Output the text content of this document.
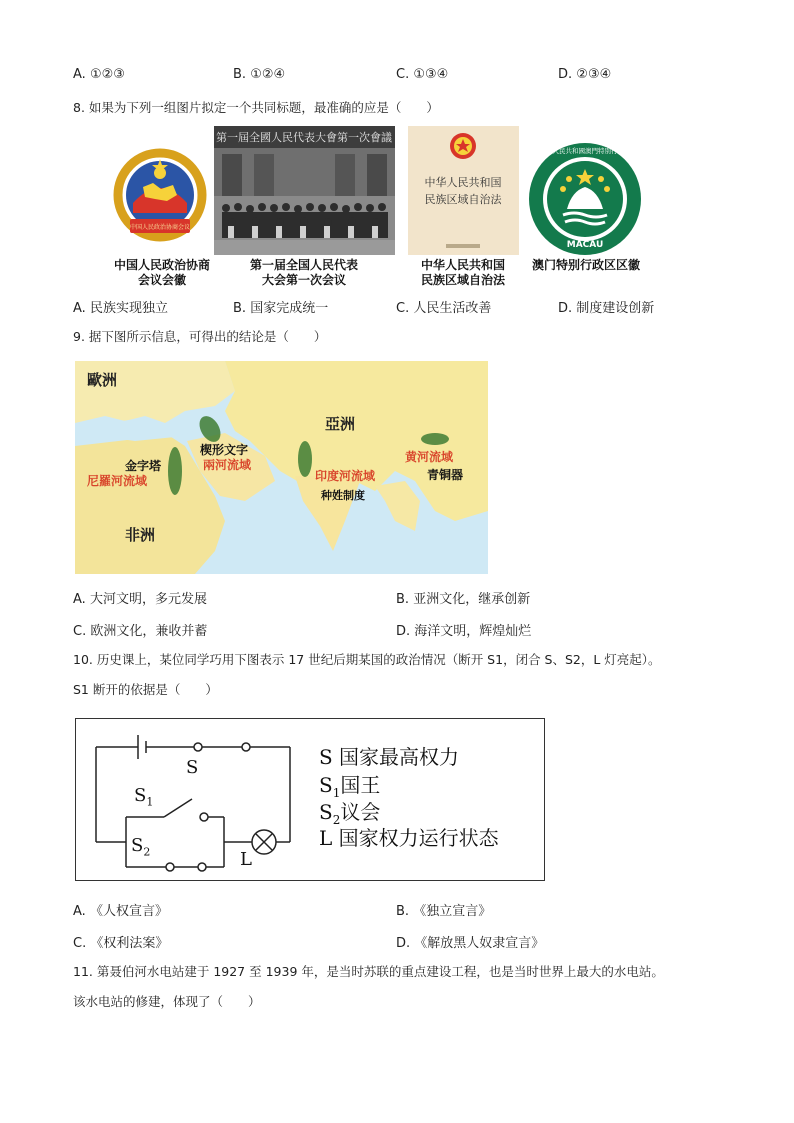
A. ①②③	B. ①②④	C. ①③④	D. ②③④
8. 如果为下列一组图片拟定一个共同标题，最准确的应是（　　）
中国人民政治协商会议
中国人民政治协商
会议会徽
第一屆全國人民代表大會第一次會議
第一届全国人民代表
大会第一次会议
中华人民共和国
民族区域自治法
中华人民共和国
民族区域自治法
MACAU
中華人民共和國澳門特別行政區
澳门特别行政区区徽
A. 民族实现独立	B. 国家完成统一	C. 人民生活改善	D. 制度建设创新
9. 据下图所示信息，可得出的结论是（　　）
歐洲
亞洲
非洲
金字塔
尼羅河流域
楔形文字
兩河流域
印度河流域
种姓制度
黄河流域
青铜器
A. 大河文明，多元发展	B. 亚洲文化，继承创新
C. 欧洲文化，兼收并蓄	D. 海洋文明，辉煌灿烂
10. 历史课上，某位同学巧用下图表示 17 世纪后期某国的政治情况（断开 S1，闭合 S、S2，L 灯亮起）。
S1 断开的依据是（　　）
S
$S_1$
$S_2$	L
S 国家最高权力
$S_1$国王
$S_2$议会
L 国家权力运行状态
A. 《人权宣言》	B. 《独立宣言》
C. 《权利法案》	D. 《解放黑人奴隶宣言》
11. 第聂伯河水电站建于 1927 至 1939 年，是当时苏联的重点建设工程，也是当时世界上最大的水电站。
该水电站的修建，体现了（　　）
